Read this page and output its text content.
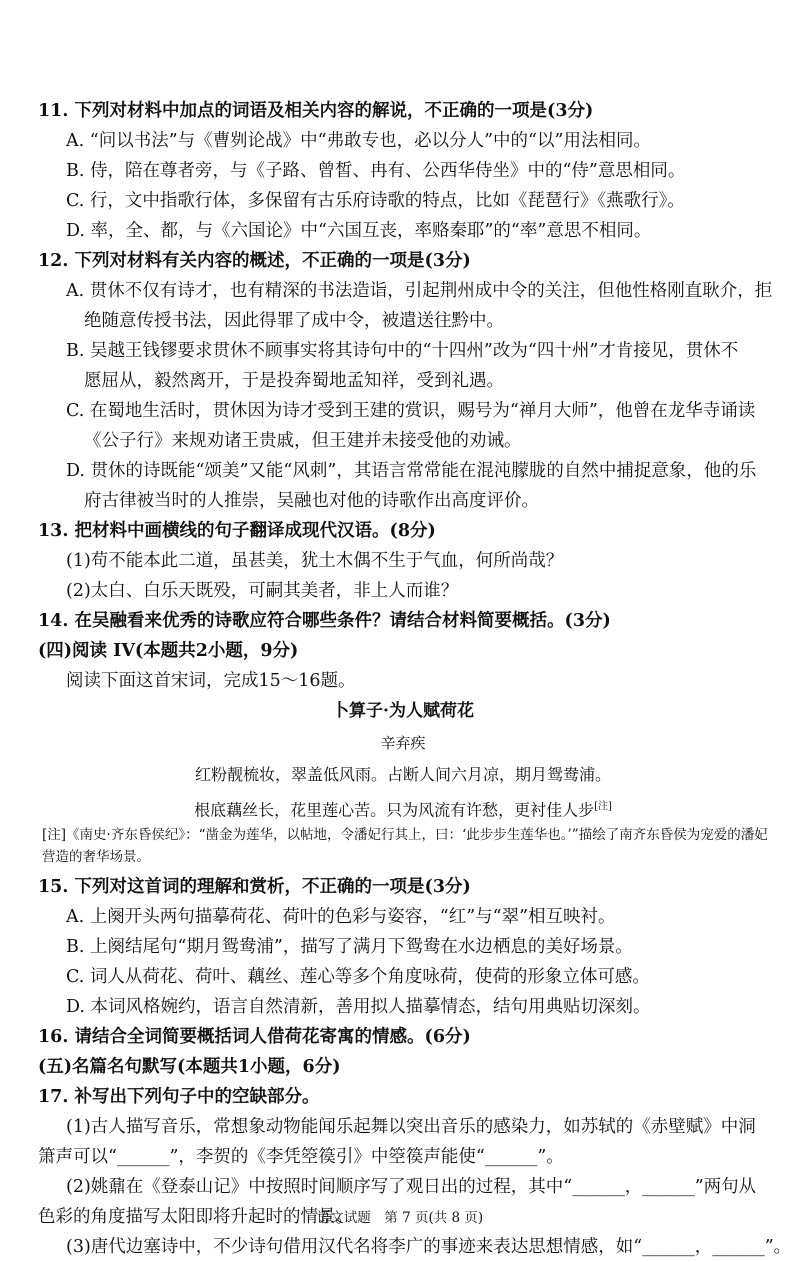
11. 下列对材料中加点的词语及相关内容的解说，不正确的一项是(3分)
A. “问以书法”与《曹刿论战》中“弗敢专也，必以分人”中的“以”用法相同。
B. 侍，陪在尊者旁，与《子路、曾皙、冉有、公西华侍坐》中的“侍”意思相同。
C. 行，文中指歌行体，多保留有古乐府诗歌的特点，比如《琵琶行》《燕歌行》。
D. 率，全、都，与《六国论》中“六国互丧，率赂秦耶”的“率”意思不相同。
12. 下列对材料有关内容的概述，不正确的一项是(3分)
A. 贯休不仅有诗才，也有精深的书法造诣，引起荆州成中令的关注，但他性格刚直耿介，拒
绝随意传授书法，因此得罪了成中令，被遣送往黔中。
B. 吴越王钱镠要求贯休不顾事实将其诗句中的“十四州”改为“四十州”才肯接见，贯休不
愿屈从，毅然离开，于是投奔蜀地孟知祥，受到礼遇。
C. 在蜀地生活时，贯休因为诗才受到王建的赏识，赐号为“禅月大师”，他曾在龙华寺诵读
《公子行》来规劝诸王贵戚，但王建并未接受他的劝诫。
D. 贯休的诗既能“颂美”又能“风刺”，其语言常常能在混沌朦胧的自然中捕捉意象，他的乐
府古律被当时的人推崇，吴融也对他的诗歌作出高度评价。
13. 把材料中画横线的句子翻译成现代汉语。(8分)
(1)苟不能本此二道，虽甚美，犹土木偶不生于气血，何所尚哉？
(2)太白、白乐天既殁，可嗣其美者，非上人而谁？
14. 在吴融看来优秀的诗歌应符合哪些条件？请结合材料简要概括。(3分)
(四)阅读 IV(本题共2小题，9分)
阅读下面这首宋词，完成15～16题。
卜算子·为人赋荷花
辛弃疾
红粉靓梳妆，翠盖低风雨。占断人间六月凉，期月鸳鸯浦。
根底藕丝长，花里莲心苦。只为风流有许愁，更衬佳人步[注]
[注]《南史·齐东昏侯纪》：“凿金为莲华，以帖地，令潘妃行其上，曰：‘此步步生莲华也。’”描绘了南齐东昏侯为宠爱的潘妃营造的奢华场景。
15. 下列对这首词的理解和赏析，不正确的一项是(3分)
A. 上阕开头两句描摹荷花、荷叶的色彩与姿容，“红”与“翠”相互映衬。
B. 上阕结尾句“期月鸳鸯浦”，描写了满月下鸳鸯在水边栖息的美好场景。
C. 词人从荷花、荷叶、藕丝、莲心等多个角度咏荷，使荷的形象立体可感。
D. 本词风格婉约，语言自然清新，善用拟人描摹情态，结句用典贴切深刻。
16. 请结合全词简要概括词人借荷花寄寓的情感。(6分)
(五)名篇名句默写(本题共1小题，6分)
17. 补写出下列句子中的空缺部分。
(1)古人描写音乐，常想象动物能闻乐起舞以突出音乐的感染力，如苏轼的《赤壁赋》中洞
箫声可以“______”，李贺的《李凭箜篌引》中箜篌声能使“______”。
(2)姚鼐在《登泰山记》中按照时间顺序写了观日出的过程，其中“______，______”两句从
色彩的角度描写太阳即将升起时的情景。
(3)唐代边塞诗中，不少诗句借用汉代名将李广的事迹来表达思想情感，如“______，______”。
语文试题　第 7 页(共 8 页)
